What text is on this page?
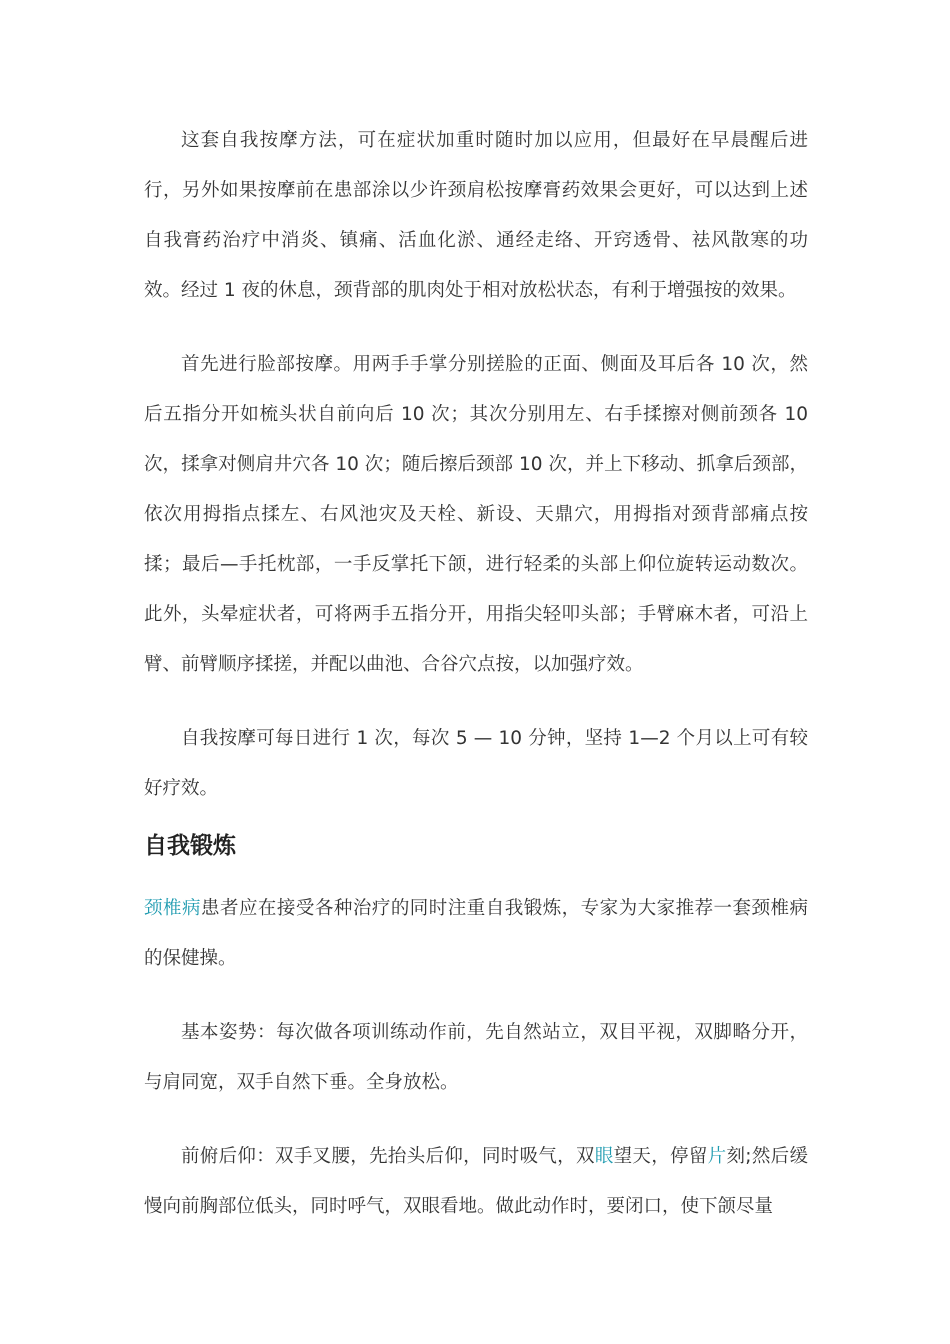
这套自我按摩方法，可在症状加重时随时加以应用，但最好在早晨醒后进行，另外如果按摩前在患部涂以少许颈肩松按摩膏药效果会更好，可以达到上述自我膏药治疗中消炎、镇痛、活血化淤、通经走络、开窍透骨、祛风散寒的功效。经过 1 夜的休息，颈背部的肌肉处于相对放松状态，有利于增强按的效果。

首先进行脸部按摩。用两手手掌分别搓脸的正面、侧面及耳后各 10 次，然后五指分开如梳头状自前向后 10 次；其次分别用左、右手揉擦对侧前颈各 10 次，揉拿对侧肩井穴各 10 次；随后擦后颈部 10 次，并上下移动、抓拿后颈部，依次用拇指点揉左、右风池灾及天栓、新设、天鼎穴，用拇指对颈背部痛点按揉；最后—手托枕部，一手反掌托下颌，进行轻柔的头部上仰位旋转运动数次。此外，头晕症状者，可将两手五指分开，用指尖轻叩头部；手臂麻木者，可沿上臂、前臂顺序揉搓，并配以曲池、合谷穴点按，以加强疗效。

自我按摩可每日进行 1 次，每次 5 — 10 分钟，坚持 1—2 个月以上可有较好疗效。

自我锻炼

颈椎病患者应在接受各种治疗的同时注重自我锻炼，专家为大家推荐一套颈椎病的保健操。

基本姿势：每次做各项训练动作前，先自然站立，双目平视，双脚略分开，与肩同宽，双手自然下垂。全身放松。

前俯后仰：双手叉腰，先抬头后仰，同时吸气，双眼望天，停留片刻;然后缓慢向前胸部位低头，同时呼气，双眼看地。做此动作时，要闭口，使下颌尽量
